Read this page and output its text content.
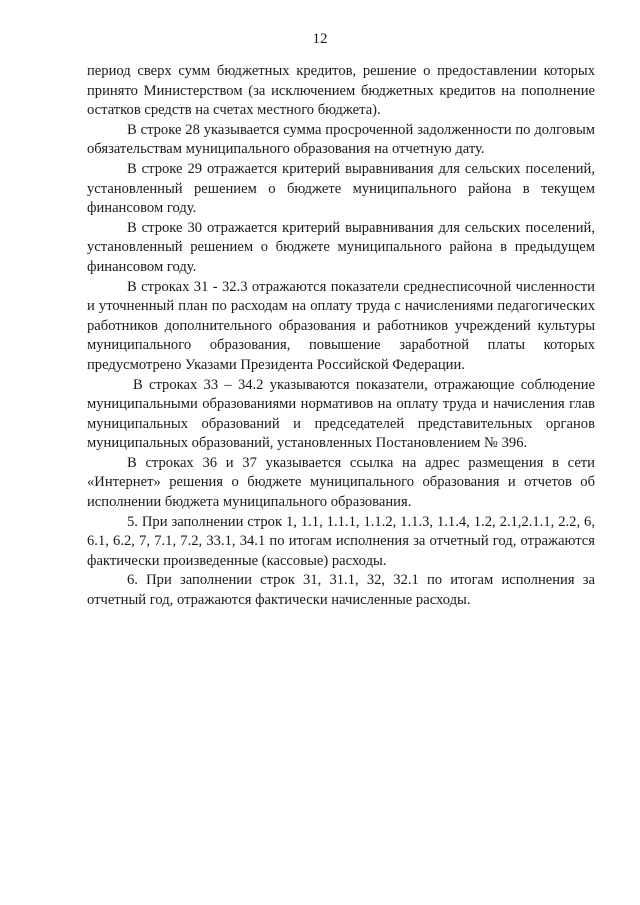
12

период сверх сумм бюджетных кредитов, решение о предоставлении которых принято Министерством (за исключением бюджетных кредитов на пополнение остатков средств на счетах местного бюджета).

В строке 28 указывается сумма просроченной задолженности по долговым обязательствам муниципального образования на отчетную дату.

В строке 29 отражается критерий выравнивания для сельских поселений, установленный решением о бюджете муниципального района в текущем финансовом году.

В строке 30 отражается критерий выравнивания для сельских поселений, установленный решением о бюджете муниципального района в предыдущем финансовом году.

В строках 31 - 32.3 отражаются показатели среднесписочной численности и уточненный план по расходам на оплату труда с начислениями педагогических работников дополнительного образования и работников учреждений культуры муниципального образования, повышение заработной платы которых предусмотрено Указами Президента Российской Федерации.

В строках 33 – 34.2 указываются показатели, отражающие соблюдение муниципальными образованиями нормативов на оплату труда и начисления глав муниципальных образований и председателей представительных органов муниципальных образований, установленных Постановлением № 396.

В строках 36 и 37 указывается ссылка на адрес размещения в сети «Интернет» решения о бюджете муниципального образования и отчетов об исполнении бюджета муниципального образования.

5. При заполнении строк 1, 1.1, 1.1.1, 1.1.2, 1.1.3, 1.1.4, 1.2, 2.1,2.1.1, 2.2, 6, 6.1, 6.2, 7, 7.1, 7.2, 33.1, 34.1 по итогам исполнения за отчетный год, отражаются фактически произведенные (кассовые) расходы.

6. При заполнении строк 31, 31.1, 32, 32.1 по итогам исполнения за отчетный год, отражаются фактически начисленные расходы.
